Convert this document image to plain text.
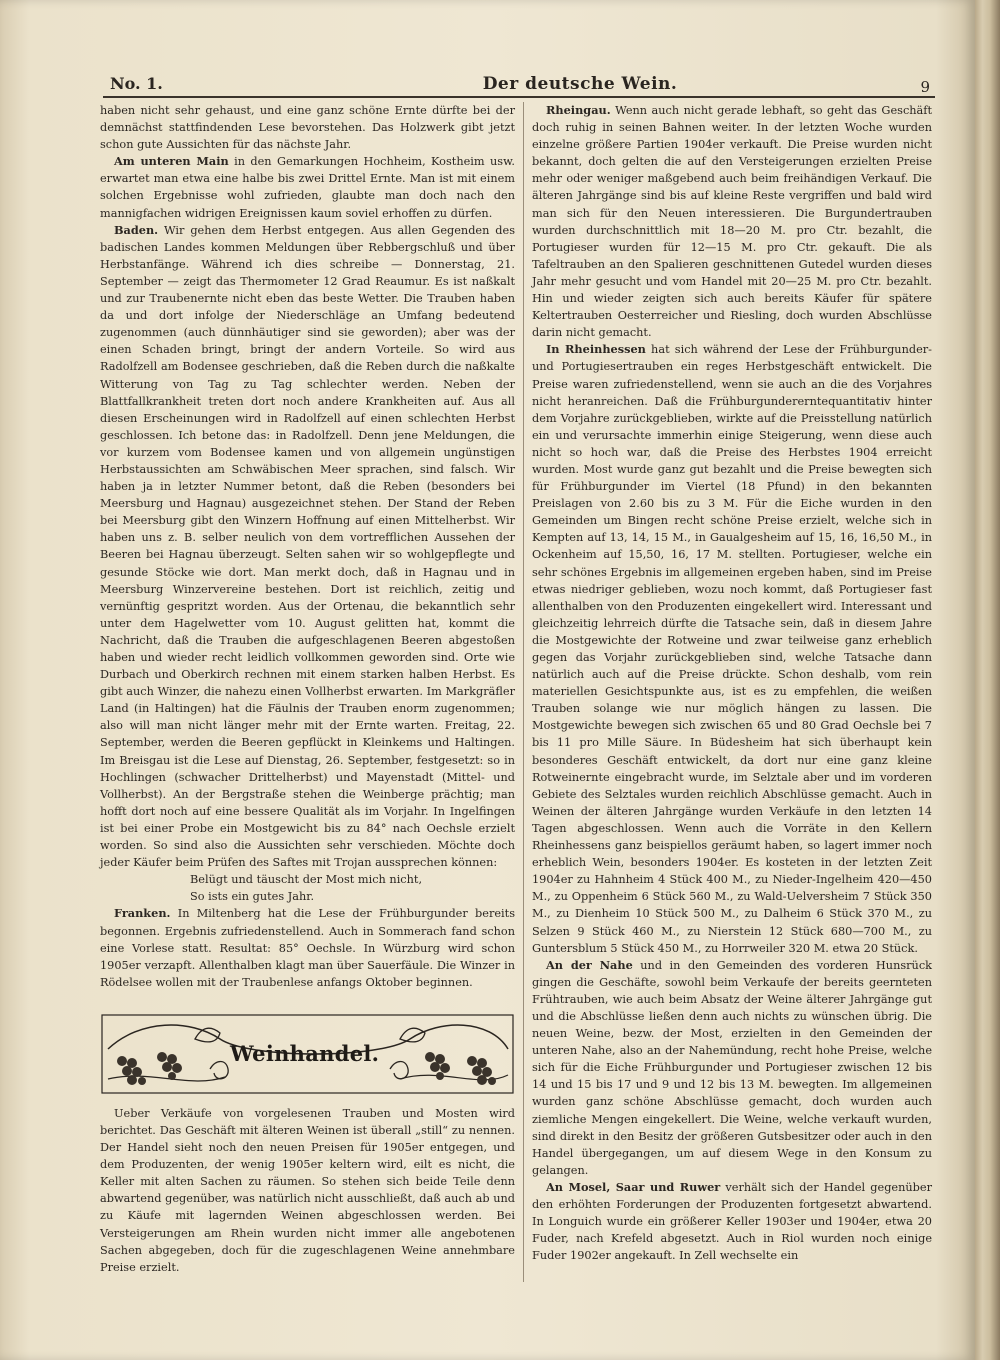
No. 1.	Der deutsche Wein.	9

haben nicht sehr gehaust, und eine ganz schöne Ernte dürfte bei der demnächst stattfindenden Lese bevorstehen. Das Holzwerk gibt jetzt schon gute Aussichten für das nächste Jahr.

Am unteren Main in den Gemarkungen Hochheim, Kostheim usw. erwartet man etwa eine halbe bis zwei Drittel Ernte. Man ist mit einem solchen Ergebnisse wohl zufrieden, glaubte man doch nach den mannigfachen widrigen Ereignissen kaum soviel erhoffen zu dürfen.

Baden. Wir gehen dem Herbst entgegen. Aus allen Gegenden des badischen Landes kommen Meldungen über Rebbergschluß und über Herbstanfänge. Während ich dies schreibe — Donnerstag, 21. September — zeigt das Thermometer 12 Grad Reaumur. Es ist naßkalt und zur Traubenernte nicht eben das beste Wetter. Die Trauben haben da und dort infolge der Niederschläge an Umfang bedeutend zugenommen (auch dünnhäutiger sind sie geworden); aber was der einen Schaden bringt, bringt der andern Vorteile. So wird aus Radolfzell am Bodensee geschrieben, daß die Reben durch die naßkalte Witterung von Tag zu Tag schlechter werden. Neben der Blattfallkrankheit treten dort noch andere Krankheiten auf. Aus all diesen Erscheinungen wird in Radolfzell auf einen schlechten Herbst geschlossen. Ich betone das: in Radolfzell. Denn jene Meldungen, die vor kurzem vom Bodensee kamen und von allgemein ungünstigen Herbstaussichten am Schwäbischen Meer sprachen, sind falsch. Wir haben ja in letzter Nummer betont, daß die Reben (besonders bei Meersburg und Hagnau) ausgezeichnet stehen. Der Stand der Reben bei Meersburg gibt den Winzern Hoffnung auf einen Mittelherbst. Wir haben uns z. B. selber neulich von dem vortrefflichen Aussehen der Beeren bei Hagnau überzeugt. Selten sahen wir so wohlgepflegte und gesunde Stöcke wie dort. Man merkt doch, daß in Hagnau und in Meersburg Winzervereine bestehen. Dort ist reichlich, zeitig und vernünftig gespritzt worden. Aus der Ortenau, die bekanntlich sehr unter dem Hagelwetter vom 10. August gelitten hat, kommt die Nachricht, daß die Trauben die aufgeschlagenen Beeren abgestoßen haben und wieder recht leidlich vollkommen geworden sind. Orte wie Durbach und Oberkirch rechnen mit einem starken halben Herbst. Es gibt auch Winzer, die nahezu einen Vollherbst erwarten. Im Markgräfler Land (in Haltingen) hat die Fäulnis der Trauben enorm zugenommen; also will man nicht länger mehr mit der Ernte warten. Freitag, 22. September, werden die Beeren gepflückt in Kleinkems und Haltingen. Im Breisgau ist die Lese auf Dienstag, 26. September, festgesetzt: so in Hochlingen (schwacher Drittelherbst) und Mayenstadt (Mittel- und Vollherbst). An der Bergstraße stehen die Weinberge prächtig; man hofft dort noch auf eine bessere Qualität als im Vorjahr. In Ingelfingen ist bei einer Probe ein Mostgewicht bis zu 84° nach Oechsle erzielt worden. So sind also die Aussichten sehr verschieden. Möchte doch jeder Käufer beim Prüfen des Saftes mit Trojan aussprechen können:

Belügt und täuscht der Most mich nicht,

So ists ein gutes Jahr.

Franken. In Miltenberg hat die Lese der Frühburgunder bereits begonnen. Ergebnis zufriedenstellend. Auch in Sommerach fand schon eine Vorlese statt. Resultat: 85° Oechsle. In Würzburg wird schon 1905er verzapft. Allenthalben klagt man über Sauerfäule. Die Winzer in Rödelsee wollen mit der Traubenlese anfangs Oktober beginnen.

Weinhandel.

Ueber Verkäufe von vorgelesenen Trauben und Mosten wird berichtet. Das Geschäft mit älteren Weinen ist überall „still“ zu nennen. Der Handel sieht noch den neuen Preisen für 1905er entgegen, und dem Produzenten, der wenig 1905er keltern wird, eilt es nicht, die Keller mit alten Sachen zu räumen. So stehen sich beide Teile denn abwartend gegenüber, was natürlich nicht ausschließt, daß auch ab und zu Käufe mit lagernden Weinen abgeschlossen werden. Bei Versteigerungen am Rhein wurden nicht immer alle angebotenen Sachen abgegeben, doch für die zugeschlagenen Weine annehmbare Preise erzielt.

Rheingau. Wenn auch nicht gerade lebhaft, so geht das Geschäft doch ruhig in seinen Bahnen weiter. In der letzten Woche wurden einzelne größere Partien 1904er verkauft. Die Preise wurden nicht bekannt, doch gelten die auf den Versteigerungen erzielten Preise mehr oder weniger maßgebend auch beim freihändigen Verkauf. Die älteren Jahrgänge sind bis auf kleine Reste vergriffen und bald wird man sich für den Neuen interessieren. Die Burgundertrauben wurden durchschnittlich mit 18—20 M. pro Ctr. bezahlt, die Portugieser wurden für 12—15 M. pro Ctr. gekauft. Die als Tafeltrauben an den Spalieren geschnittenen Gutedel wurden dieses Jahr mehr gesucht und vom Handel mit 20—25 M. pro Ctr. bezahlt. Hin und wieder zeigten sich auch bereits Käufer für spätere Keltertrauben Oesterreicher und Riesling, doch wurden Abschlüsse darin nicht gemacht.

In Rheinhessen hat sich während der Lese der Frühburgunder- und Portugiesertrauben ein reges Herbstgeschäft entwickelt. Die Preise waren zufriedenstellend, wenn sie auch an die des Vorjahres nicht heranreichen. Daß die Frühburgundererntequantitativ hinter dem Vorjahre zurückgeblieben, wirkte auf die Preisstellung natürlich ein und verursachte immerhin einige Steigerung, wenn diese auch nicht so hoch war, daß die Preise des Herbstes 1904 erreicht wurden. Most wurde ganz gut bezahlt und die Preise bewegten sich für Frühburgunder im Viertel (18 Pfund) in den bekannten Preislagen von 2.60 bis zu 3 M. Für die Eiche wurden in den Gemeinden um Bingen recht schöne Preise erzielt, welche sich in Kempten auf 13, 14, 15 M., in Gaualgesheim auf 15, 16, 16,50 M., in Ockenheim auf 15,50, 16, 17 M. stellten. Portugieser, welche ein sehr schönes Ergebnis im allgemeinen ergeben haben, sind im Preise etwas niedriger geblieben, wozu noch kommt, daß Portugieser fast allenthalben von den Produzenten eingekellert wird. Interessant und gleichzeitig lehrreich dürfte die Tatsache sein, daß in diesem Jahre die Mostgewichte der Rotweine und zwar teilweise ganz erheblich gegen das Vorjahr zurückgeblieben sind, welche Tatsache dann natürlich auch auf die Preise drückte. Schon deshalb, vom rein materiellen Gesichtspunkte aus, ist es zu empfehlen, die weißen Trauben solange wie nur möglich hängen zu lassen. Die Mostgewichte bewegen sich zwischen 65 und 80 Grad Oechsle bei 7 bis 11 pro Mille Säure. In Büdesheim hat sich überhaupt kein besonderes Geschäft entwickelt, da dort nur eine ganz kleine Rotweinernte eingebracht wurde, im Selztale aber und im vorderen Gebiete des Selztales wurden reichlich Abschlüsse gemacht. Auch in Weinen der älteren Jahrgänge wurden Verkäufe in den letzten 14 Tagen abgeschlossen. Wenn auch die Vorräte in den Kellern Rheinhessens ganz beispiellos geräumt haben, so lagert immer noch erheblich Wein, besonders 1904er. Es kosteten in der letzten Zeit 1904er zu Hahnheim 4 Stück 400 M., zu Nieder-Ingelheim 420—450 M., zu Oppenheim 6 Stück 560 M., zu Wald-Uelversheim 7 Stück 350 M., zu Dienheim 10 Stück 500 M., zu Dalheim 6 Stück 370 M., zu Selzen 9 Stück 460 M., zu Nierstein 12 Stück 680—700 M., zu Guntersblum 5 Stück 450 M., zu Horrweiler 320 M. etwa 20 Stück.

An der Nahe und in den Gemeinden des vorderen Hunsrück gingen die Geschäfte, sowohl beim Verkaufe der bereits geernteten Frühtrauben, wie auch beim Absatz der Weine älterer Jahrgänge gut und die Abschlüsse ließen denn auch nichts zu wünschen übrig. Die neuen Weine, bezw. der Most, erzielten in den Gemeinden der unteren Nahe, also an der Nahemündung, recht hohe Preise, welche sich für die Eiche Frühburgunder und Portugieser zwischen 12 bis 14 und 15 bis 17 und 9 und 12 bis 13 M. bewegten. Im allgemeinen wurden ganz schöne Abschlüsse gemacht, doch wurden auch ziemliche Mengen eingekellert. Die Weine, welche verkauft wurden, sind direkt in den Besitz der größeren Gutsbesitzer oder auch in den Handel übergegangen, um auf diesem Wege in den Konsum zu gelangen.

An Mosel, Saar und Ruwer verhält sich der Handel gegenüber den erhöhten Forderungen der Produzenten fortgesetzt abwartend. In Longuich wurde ein größerer Keller 1903er und 1904er, etwa 20 Fuder, nach Krefeld abgesetzt. Auch in Riol wurden noch einige Fuder 1902er angekauft. In Zell wechselte ein
